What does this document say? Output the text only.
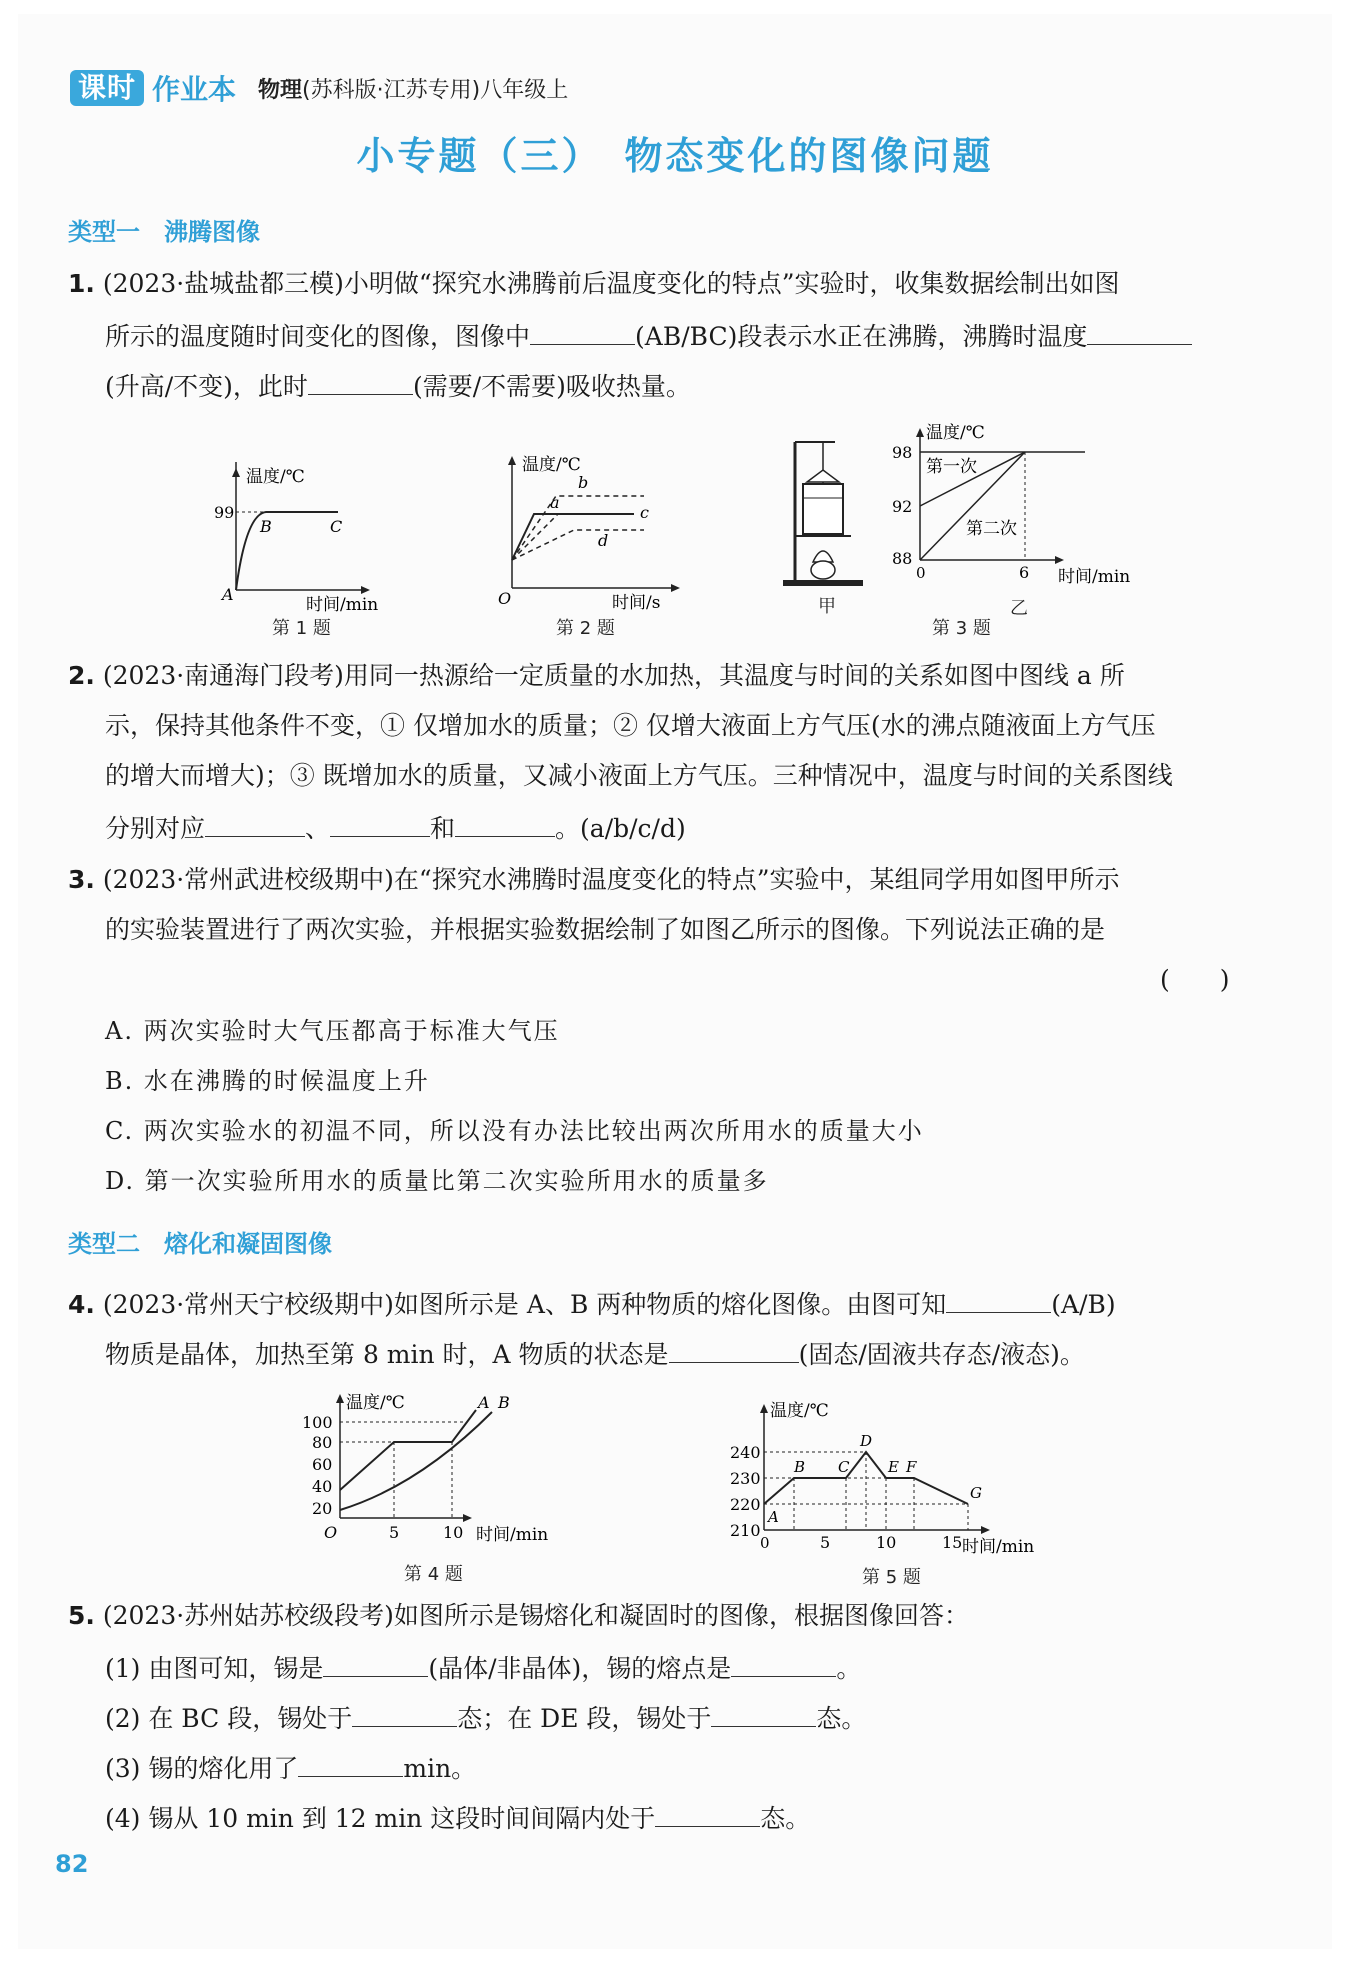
课时 作业本 物理(苏科版·江苏专用)八年级上
小专题（三）　物态变化的图像问题
类型一　沸腾图像
1. (2023·盐城盐都三模)小明做“探究水沸腾前后温度变化的特点”实验时，收集数据绘制出如图
所示的温度随时间变化的图像，图像中	(AB/BC)段表示水正在沸腾，沸腾时温度
(升高/不变)，此时	(需要/不需要)吸收热量。
温度/℃
99
A
B	C
时间/min
第 1 题
温度/℃
b
a
c
d
O	时间/s
第 2 题
甲
温度/℃
98
92
88
0	6
第一次
第二次
时间/min
乙
第 3 题
2. (2023·南通海门段考)用同一热源给一定质量的水加热，其温度与时间的关系如图中图线 a 所
示，保持其他条件不变，① 仅增加水的质量；② 仅增大液面上方气压(水的沸点随液面上方气压
的增大而增大)；③ 既增加水的质量，又减小液面上方气压。三种情况中，温度与时间的关系图线
分别对应	、	和	。(a/b/c/d)
3. (2023·常州武进校级期中)在“探究水沸腾时温度变化的特点”实验中，某组同学用如图甲所示
的实验装置进行了两次实验，并根据实验数据绘制了如图乙所示的图像。下列说法正确的是
(　　)
A. 两次实验时大气压都高于标准大气压
B. 水在沸腾的时候温度上升
C. 两次实验水的初温不同，所以没有办法比较出两次所用水的质量大小
D. 第一次实验所用水的质量比第二次实验所用水的质量多
类型二　熔化和凝固图像
4. (2023·常州天宁校级期中)如图所示是 A、B 两种物质的熔化图像。由图可知	(A/B)
物质是晶体，加热至第 8 min 时，A 物质的状态是	(固态/固液共存态/液态)。
温度/℃
100
80
60
40
20
O	5	10 时间/min
A B
第 4 题
温度/℃
240
230
220
210
0	5	10	15 时间/min
A
B C
D
E F
G
第 5 题
5. (2023·苏州姑苏校级段考)如图所示是锡熔化和凝固时的图像，根据图像回答：
(1) 由图可知，锡是	(晶体/非晶体)，锡的熔点是	。
(2) 在 BC 段，锡处于	态；在 DE 段，锡处于	态。
(3) 锡的熔化用了	min。
(4) 锡从 10 min 到 12 min 这段时间间隔内处于	态。
82
